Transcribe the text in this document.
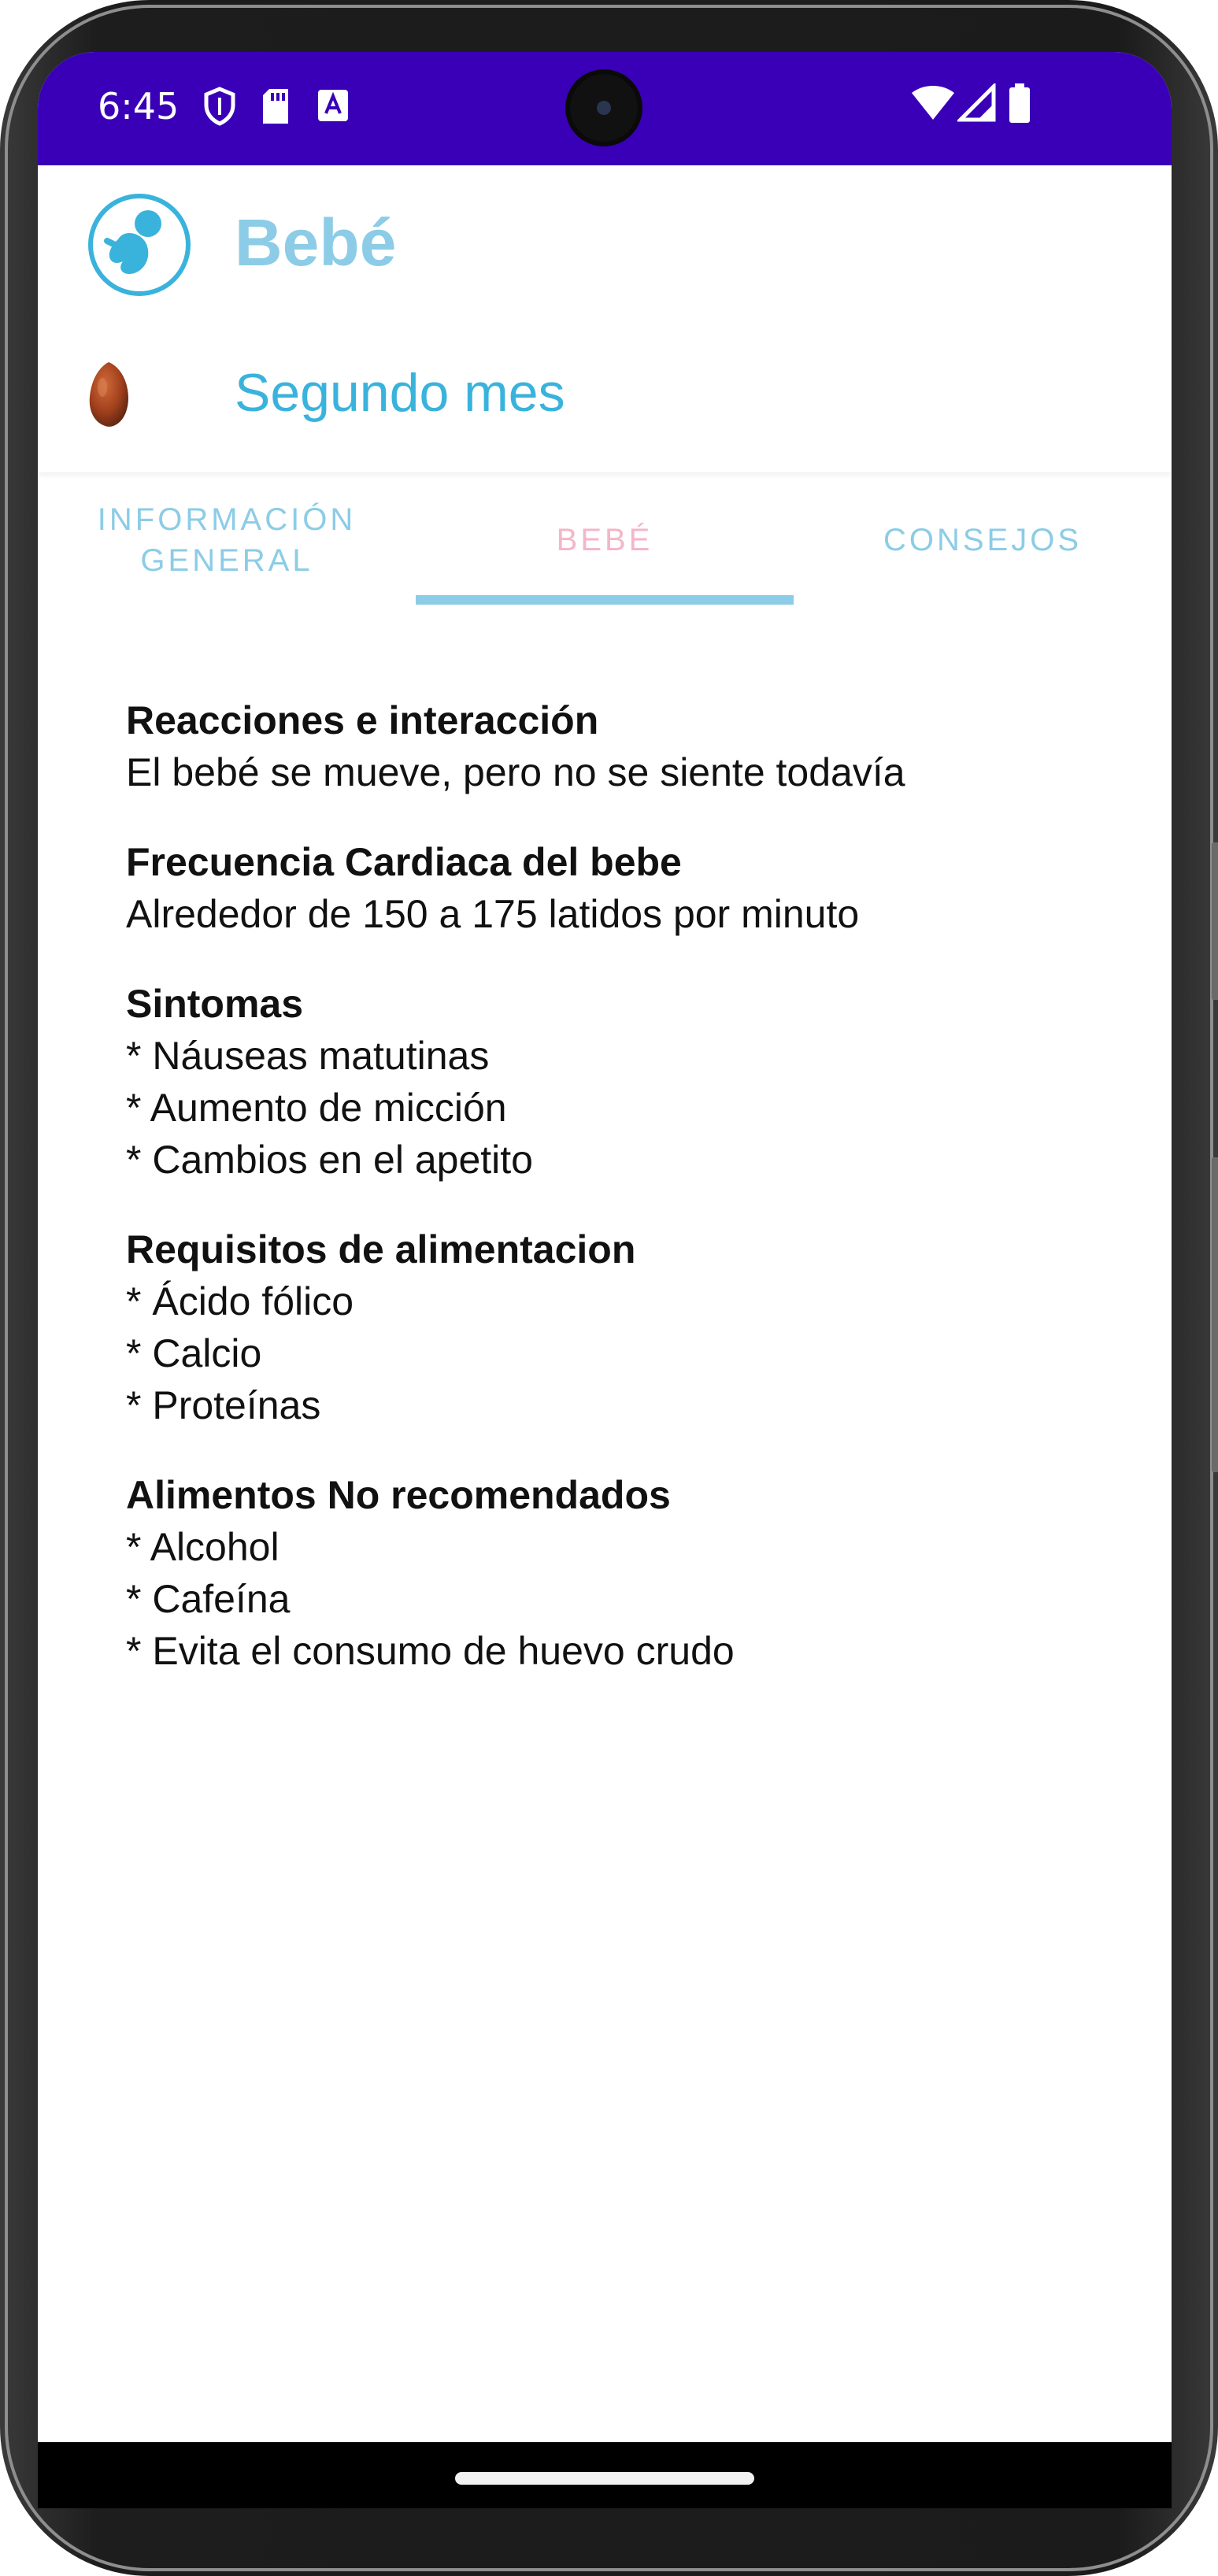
6:45
Bebé
Segundo mes
INFORMACIÓN
GENERAL
BEBÉ	CONSEJOS
Reacciones e interacción
El bebé se mueve, pero no se siente todavía
Frecuencia Cardiaca del bebe
Alrededor de 150 a 175 latidos por minuto
Sintomas
* Náuseas matutinas
* Aumento de micción
* Cambios en el apetito
Requisitos de alimentacion
* Ácido fólico
* Calcio
* Proteínas
Alimentos No recomendados
* Alcohol
* Cafeína
* Evita el consumo de huevo crudo
